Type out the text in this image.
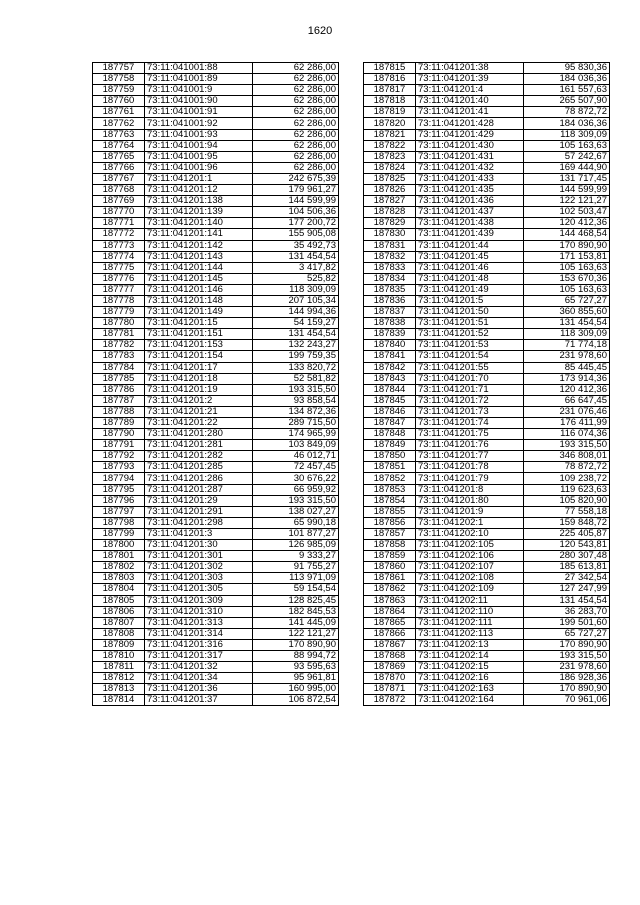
1620
187757	73:11:041001:88	62 286,00
187758	73:11:041001:89	62 286,00
187759	73:11:041001:9	62 286,00
187760	73:11:041001:90	62 286,00
187761	73:11:041001:91	62 286,00
187762	73:11:041001:92	62 286,00
187763	73:11:041001:93	62 286,00
187764	73:11:041001:94	62 286,00
187765	73:11:041001:95	62 286,00
187766	73:11:041001:96	62 286,00
187767	73:11:041201:1	242 675,39
187768	73:11:041201:12	179 961,27
187769	73:11:041201:138	144 599,99
187770	73:11:041201:139	104 506,36
187771	73:11:041201:140	177 200,72
187772	73:11:041201:141	155 905,08
187773	73:11:041201:142	35 492,73
187774	73:11:041201:143	131 454,54
187775	73:11:041201:144	3 417,82
187776	73:11:041201:145	525,82
187777	73:11:041201:146	118 309,09
187778	73:11:041201:148	207 105,34
187779	73:11:041201:149	144 994,36
187780	73:11:041201:15	54 159,27
187781	73:11:041201:151	131 454,54
187782	73:11:041201:153	132 243,27
187783	73:11:041201:154	199 759,35
187784	73:11:041201:17	133 820,72
187785	73:11:041201:18	52 581,82
187786	73:11:041201:19	193 315,50
187787	73:11:041201:2	93 858,54
187788	73:11:041201:21	134 872,36
187789	73:11:041201:22	289 715,50
187790	73:11:041201:280	174 965,99
187791	73:11:041201:281	103 849,09
187792	73:11:041201:282	46 012,71
187793	73:11:041201:285	72 457,45
187794	73:11:041201:286	30 676,22
187795	73:11:041201:287	66 959,92
187796	73:11:041201:29	193 315,50
187797	73:11:041201:291	138 027,27
187798	73:11:041201:298	65 990,18
187799	73:11:041201:3	101 877,27
187800	73:11:041201:30	126 985,09
187801	73:11:041201:301	9 333,27
187802	73:11:041201:302	91 755,27
187803	73:11:041201:303	113 971,09
187804	73:11:041201:305	59 154,54
187805	73:11:041201:309	128 825,45
187806	73:11:041201:310	182 845,53
187807	73:11:041201:313	141 445,09
187808	73:11:041201:314	122 121,27
187809	73:11:041201:316	170 890,90
187810	73:11:041201:317	88 994,72
187811	73:11:041201:32	93 595,63
187812	73:11:041201:34	95 961,81
187813	73:11:041201:36	160 995,00
187814	73:11:041201:37	106 872,54
187815	73:11:041201:38	95 830,36
187816	73:11:041201:39	184 036,36
187817	73:11:041201:4	161 557,63
187818	73:11:041201:40	265 507,90
187819	73:11:041201:41	78 872,72
187820	73:11:041201:428	184 036,36
187821	73:11:041201:429	118 309,09
187822	73:11:041201:430	105 163,63
187823	73:11:041201:431	57 242,67
187824	73:11:041201:432	169 444,90
187825	73:11:041201:433	131 717,45
187826	73:11:041201:435	144 599,99
187827	73:11:041201:436	122 121,27
187828	73:11:041201:437	102 503,47
187829	73:11:041201:438	120 412,36
187830	73:11:041201:439	144 468,54
187831	73:11:041201:44	170 890,90
187832	73:11:041201:45	171 153,81
187833	73:11:041201:46	105 163,63
187834	73:11:041201:48	153 670,36
187835	73:11:041201:49	105 163,63
187836	73:11:041201:5	65 727,27
187837	73:11:041201:50	360 855,60
187838	73:11:041201:51	131 454,54
187839	73:11:041201:52	118 309,09
187840	73:11:041201:53	71 774,18
187841	73:11:041201:54	231 978,60
187842	73:11:041201:55	85 445,45
187843	73:11:041201:70	173 914,36
187844	73:11:041201:71	120 412,36
187845	73:11:041201:72	66 647,45
187846	73:11:041201:73	231 076,46
187847	73:11:041201:74	176 411,99
187848	73:11:041201:75	116 074,36
187849	73:11:041201:76	193 315,50
187850	73:11:041201:77	346 808,01
187851	73:11:041201:78	78 872,72
187852	73:11:041201:79	109 238,72
187853	73:11:041201:8	119 623,63
187854	73:11:041201:80	105 820,90
187855	73:11:041201:9	77 558,18
187856	73:11:041202:1	159 848,72
187857	73:11:041202:10	225 405,87
187858	73:11:041202:105	120 543,81
187859	73:11:041202:106	280 307,48
187860	73:11:041202:107	185 613,81
187861	73:11:041202:108	27 342,54
187862	73:11:041202:109	127 247,99
187863	73:11:041202:11	131 454,54
187864	73:11:041202:110	36 283,70
187865	73:11:041202:111	199 501,60
187866	73:11:041202:113	65 727,27
187867	73:11:041202:13	170 890,90
187868	73:11:041202:14	193 315,50
187869	73:11:041202:15	231 978,60
187870	73:11:041202:16	186 928,36
187871	73:11:041202:163	170 890,90
187872	73:11:041202:164	70 961,06
